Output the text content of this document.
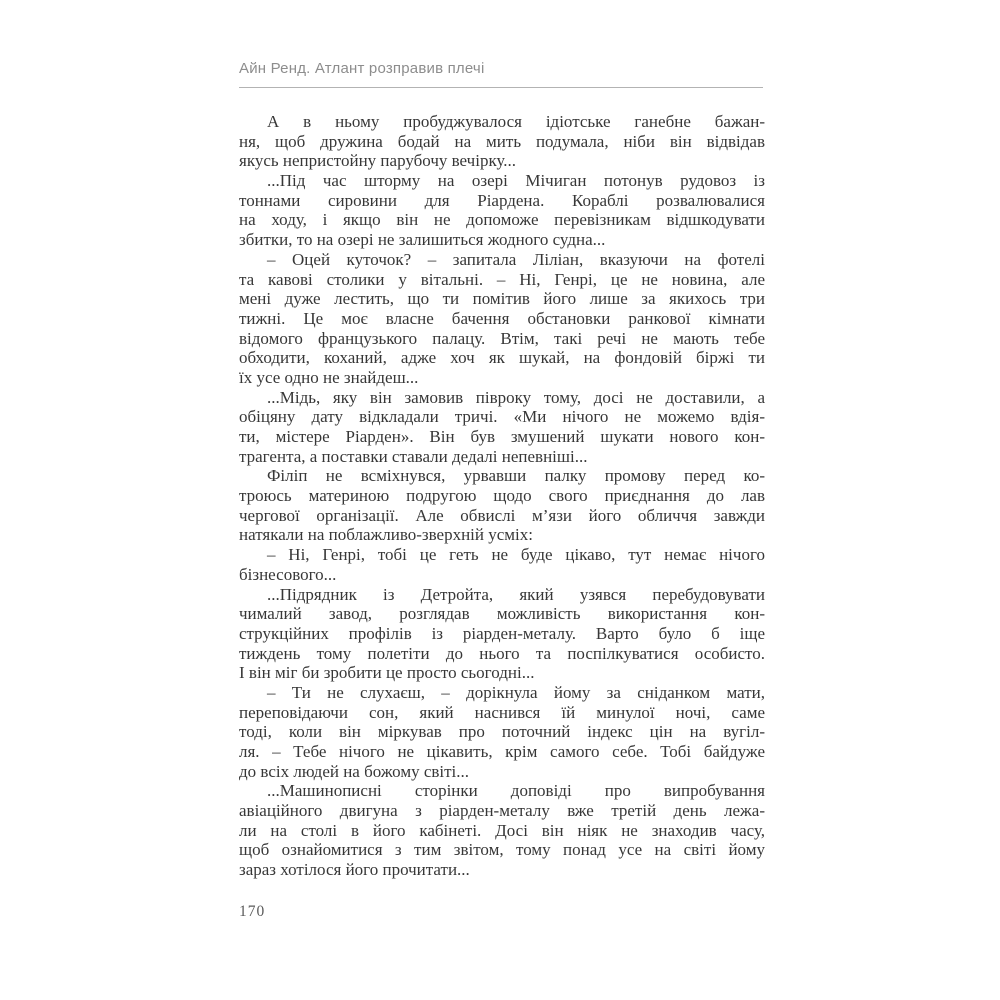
Айн Ренд. Атлант розправив плечі
А в ньому пробуджувалося ідіотське ганебне бажан-
ня, щоб дружина бодай на мить подумала, ніби він відвідав
якусь непристойну парубочу вечірку...
...Під час шторму на озері Мічиган потонув рудовоз із
тоннами сировини для Ріардена. Кораблі розвалювалися
на ходу, і якщо він не допоможе перевізникам відшкодувати
збитки, то на озері не залишиться жодного судна...
– Оцей куточок? – запитала Ліліан, вказуючи на фотелі
та кавові столики у вітальні. – Ні, Генрі, це не новина, але
мені дуже лестить, що ти помітив його лише за якихось три
тижні. Це моє власне бачення обстановки ранкової кімнати
відомого французького палацу. Втім, такі речі не мають тебе
обходити, коханий, адже хоч як шукай, на фондовій біржі ти
їх усе одно не знайдеш...
...Мідь, яку він замовив півроку тому, досі не доставили, а
обіцяну дату відкладали тричі. «Ми нічого не можемо вдія-
ти, містере Ріарден». Він був змушений шукати нового кон-
трагента, а поставки ставали дедалі непевніші...
Філіп не всміхнувся, урвавши палку промову перед ко-
троюсь материною подругою щодо свого приєднання до лав
чергової організації. Але обвислі м’язи його обличчя завжди
натякали на поблажливо-зверхній усміх:
– Ні, Генрі, тобі це геть не буде цікаво, тут немає нічого
бізнесового...
...Підрядник із Детройта, який узявся перебудовувати
чималий завод, розглядав можливість використання кон-
струкційних профілів із ріарден-металу. Варто було б іще
тиждень тому полетіти до нього та поспілкуватися особисто.
І він міг би зробити це просто сьогодні...
– Ти не слухаєш, – дорікнула йому за сніданком мати,
переповідаючи сон, який наснився їй минулої ночі, саме
тоді, коли він міркував про поточний індекс цін на вугіл-
ля. – Тебе нічого не цікавить, крім самого себе. Тобі байдуже
до всіх людей на божому світі...
...Машинописні сторінки доповіді про випробування
авіаційного двигуна з ріарден-металу вже третій день лежа-
ли на столі в його кабінеті. Досі він ніяк не знаходив часу,
щоб ознайомитися з тим звітом, тому понад усе на світі йому
зараз хотілося його прочитати...
170
